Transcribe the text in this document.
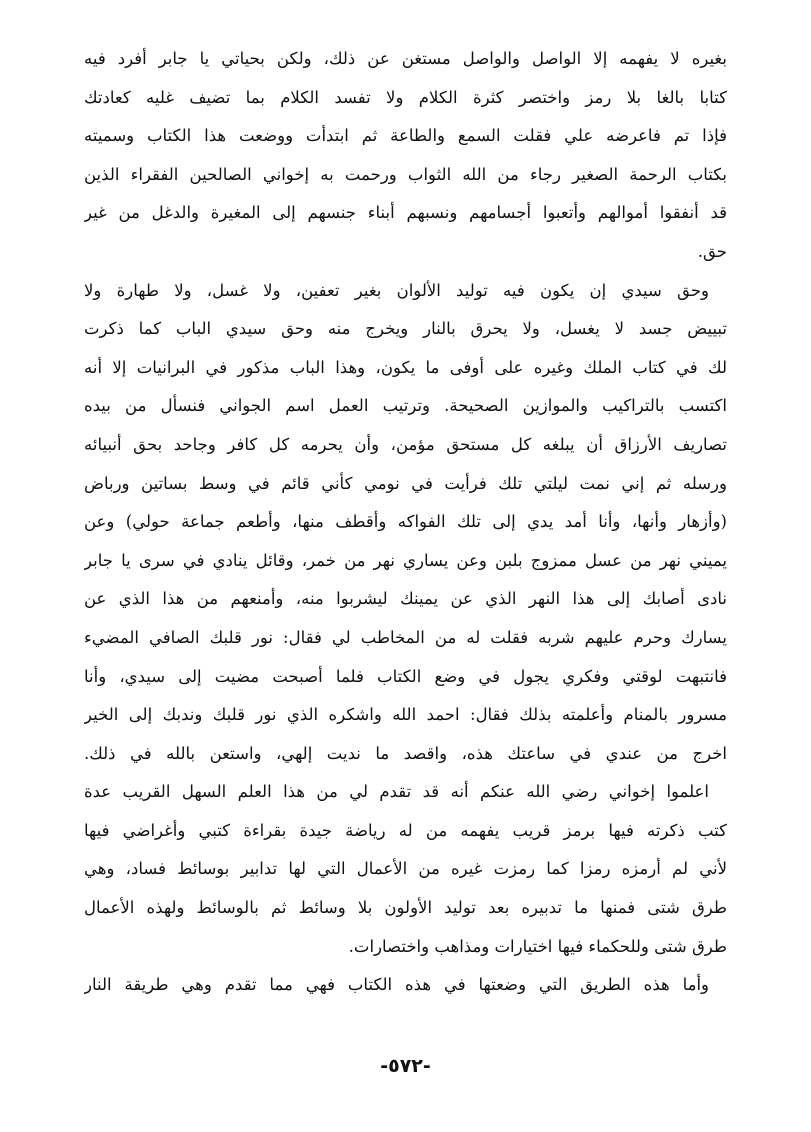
بغيره لا يفهمه إلا الواصل والواصل مستغن عن ذلك، ولكن بحياتي يا جابر أفرد فيه
كتابا بالغا بلا رمز واختصر كثرة الكلام ولا تفسد الكلام بما تضيف غليه كعادتك
فإذا تم فاعرضه علي فقلت السمع والطاعة ثم ابتدأت ووضعت هذا الكتاب وسميته
بكتاب الرحمة الصغير رجاء من الله الثواب ورحمت به إخواني الصالحين الفقراء الذين
قد أنفقوا أموالهم وأتعبوا أجسامهم ونسبهم أبناء جنسهم إلى المغيرة والدغل من غير
حق.
وحق سيدي إن يكون فيه توليد الألوان بغير تعفين، ولا غسل، ولا طهارة ولا
تبييض جسد لا يغسل، ولا يحرق بالنار ويخرج منه وحق سيدي الباب كما ذكرت
لك في كتاب الملك وغيره على أوفى ما يكون، وهذا الباب مذكور في البرانيات إلا أنه
اكتسب بالتراكيب والموازين الصحيحة. وترتيب العمل اسم الجواني فنسأل من بيده
تصاريف الأرزاق أن يبلغه كل مستحق مؤمن، وأن يحرمه كل كافر وجاحد بحق أنبيائه
ورسله ثم إني نمت ليلتي تلك فرأيت في نومي كأني قائم في وسط بساتين ورباض
(وأزهار وأنها، وأنا أمد يدي إلى تلك الفواكه وأقطف منها، وأطعم جماعة حولي) وعن
يميني نهر من عسل ممزوج بلبن وعن يساري نهر من خمر، وقائل ينادي في سرى يا جابر
نادى أصابك إلى هذا النهر الذي عن يمينك ليشربوا منه، وأمنعهم من هذا الذي عن
يسارك وحرم عليهم شربه فقلت له من المخاطب لي فقال: نور قلبك الصافي المضيء
فانتبهت لوقتي وفكري يجول في وضع الكتاب فلما أصبحت مضيت إلى سيدي، وأنا
مسرور بالمنام وأعلمته بذلك فقال: احمد الله واشكره الذي نور قلبك وندبك إلى الخير
اخرج من عندي في ساعتك هذه، واقصد ما نديت إلهي، واستعن بالله في ذلك.
اعلموا إخواني رضي الله عنكم أنه قد تقدم لي من هذا العلم السهل القريب عدة
كتب ذكرته فيها برمز قريب يفهمه من له رياضة جيدة بقراءة كتبي وأغراضي فيها
لأني لم أرمزه رمزا كما رمزت غيره من الأعمال التي لها تدابير بوسائط فساد، وهي
طرق شتى فمنها ما تدبيره بعد توليد الأولون بلا وسائط ثم بالوسائط ولهذه الأعمال
طرق شتى وللحكماء فيها اختيارات ومذاهب واختصارات.
وأما هذه الطريق التي وضعتها في هذه الكتاب فهي مما تقدم وهي طريقة النار
-٥٧٢-
